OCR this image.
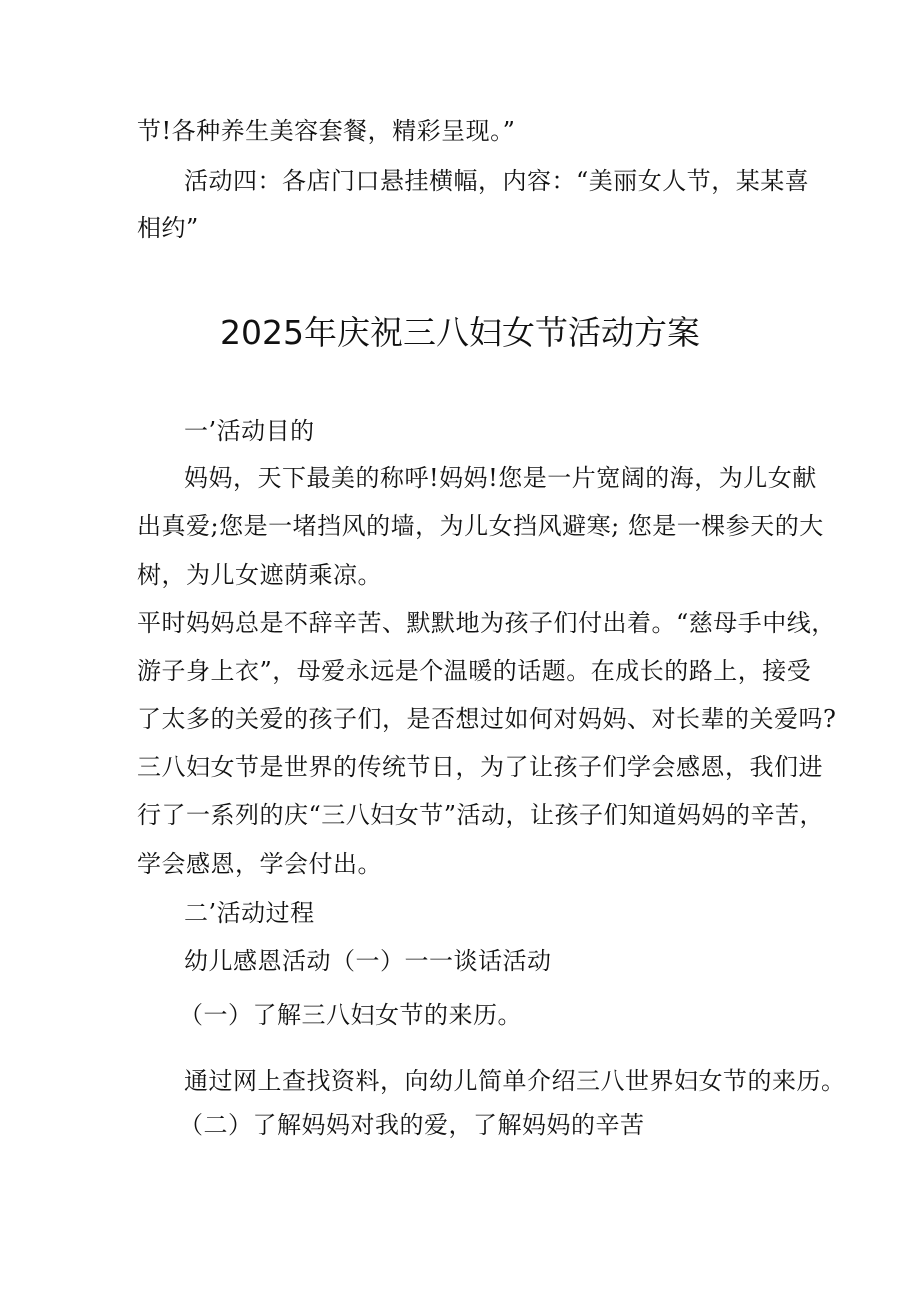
节!各种养生美容套餐，精彩呈现。”
活动四：各店门口悬挂横幅，内容：“美丽女人节，某某喜
相约”
2025年庆祝三八妇女节活动方案
一’活动目的
妈妈，天下最美的称呼!妈妈!您是一片宽阔的海，为儿女献
出真爱;您是一堵挡风的墙，为儿女挡风避寒; 您是一棵参天的大
树，为儿女遮荫乘凉。
平时妈妈总是不辞辛苦、默默地为孩子们付出着。“慈母手中线，
游子身上衣”，母爱永远是个温暖的话题。在成长的路上，接受
了太多的关爱的孩子们，是否想过如何对妈妈、对长辈的关爱吗?
三八妇女节是世界的传统节日，为了让孩子们学会感恩，我们进
行了一系列的庆“三八妇女节”活动，让孩子们知道妈妈的辛苦，
学会感恩，学会付出。
二’活动过程
幼儿感恩活动（一）一一谈话活动
（一）了解三八妇女节的来历。
通过网上查找资料，向幼儿简单介绍三八世界妇女节的来历。
（二）了解妈妈对我的爱，了解妈妈的辛苦
